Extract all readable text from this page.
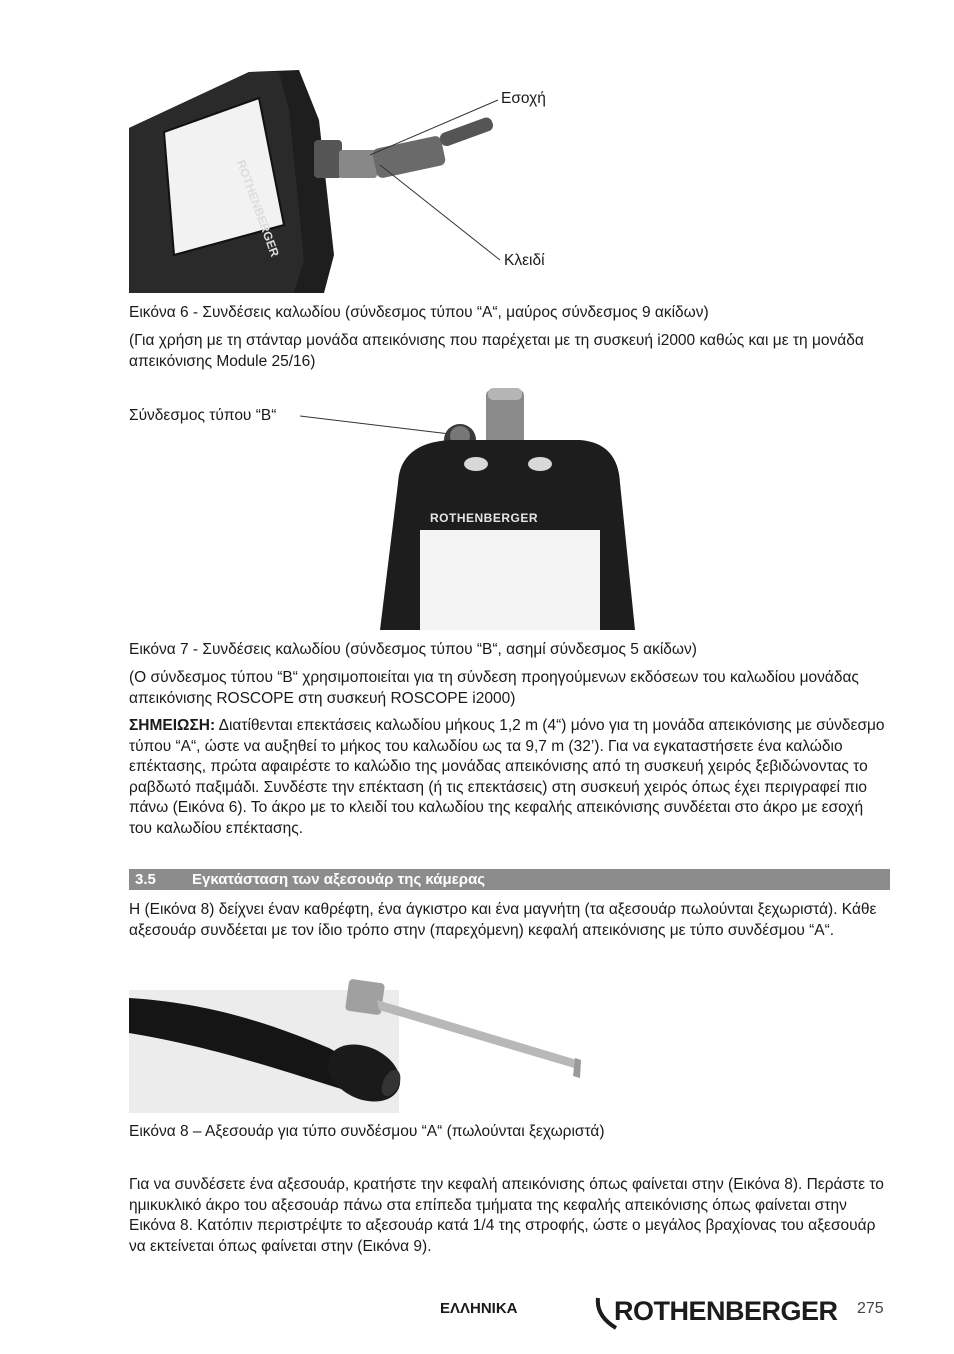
ROTHENBERGER
Εσοχή
Κλειδί
Εικόνα 6 - Συνδέσεις καλωδίου (σύνδεσμος τύπου “A“, μαύρος σύνδεσμος 9 ακίδων)
(Για χρήση με τη στάνταρ μονάδα απεικόνισης που παρέχεται με τη συσκευή i2000 καθώς και με τη μονάδα απεικόνισης Module 25/16)
Σύνδεσμος τύπου “B“
ROTHENBERGER
Εικόνα 7 - Συνδέσεις καλωδίου (σύνδεσμος τύπου “B“, ασημί σύνδεσμος 5 ακίδων)
(Ο σύνδεσμος τύπου “B“ χρησιμοποιείται για τη σύνδεση προηγούμενων εκδόσεων του καλωδίου μονάδας απεικόνισης ROSCOPE στη συσκευή ROSCOPE i2000)
ΣΗΜΕΙΩΣΗ: Διατίθενται επεκτάσεις καλωδίου μήκους 1,2 m (4“) μόνο για τη μονάδα απεικόνισης με σύνδεσμο τύπου “A“, ώστε να αυξηθεί το μήκος του καλωδίου ως τα 9,7 m (32’). Για να εγκαταστήσετε ένα καλώδιο επέκτασης, πρώτα αφαιρέστε το καλώδιο της μονάδας απεικόνισης από τη συσκευή χειρός ξεβιδώνοντας το ραβδωτό παξιμάδι. Συνδέστε την επέκταση (ή τις επεκτάσεις) στη συσκευή χειρός όπως έχει περιγραφεί πιο πάνω (Εικόνα 6). Το άκρο με το κλειδί του καλωδίου της κεφαλής απεικόνισης συνδέεται στο άκρο με εσοχή του καλωδίου επέκτασης.
3.5 Εγκατάσταση των αξεσουάρ της κάμερας
Η (Εικόνα 8) δείχνει έναν καθρέφτη, ένα άγκιστρο και ένα μαγνήτη (τα αξεσουάρ πωλούνται ξεχωριστά). Κάθε αξεσουάρ συνδέεται με τον ίδιο τρόπο στην (παρεχόμενη) κεφαλή απεικόνισης με τύπο συνδέσμου “A“.
Εικόνα 8 – Αξεσουάρ για τύπο συνδέσμου “A“ (πωλούνται ξεχωριστά)
Για να συνδέσετε ένα αξεσουάρ, κρατήστε την κεφαλή απεικόνισης όπως φαίνεται στην (Εικόνα 8). Περάστε το ημικυκλικό άκρο του αξεσουάρ πάνω στα επίπεδα τμήματα της κεφαλής απεικόνισης όπως φαίνεται στην Εικόνα 8. Κατόπιν περιστρέψτε το αξεσουάρ κατά 1/4 της στροφής, ώστε ο μεγάλος βραχίονας του αξεσουάρ να εκτείνεται όπως φαίνεται στην (Εικόνα 9).
ΕΛΛΗΝΙΚΑ	ROTHENBERGER 275
